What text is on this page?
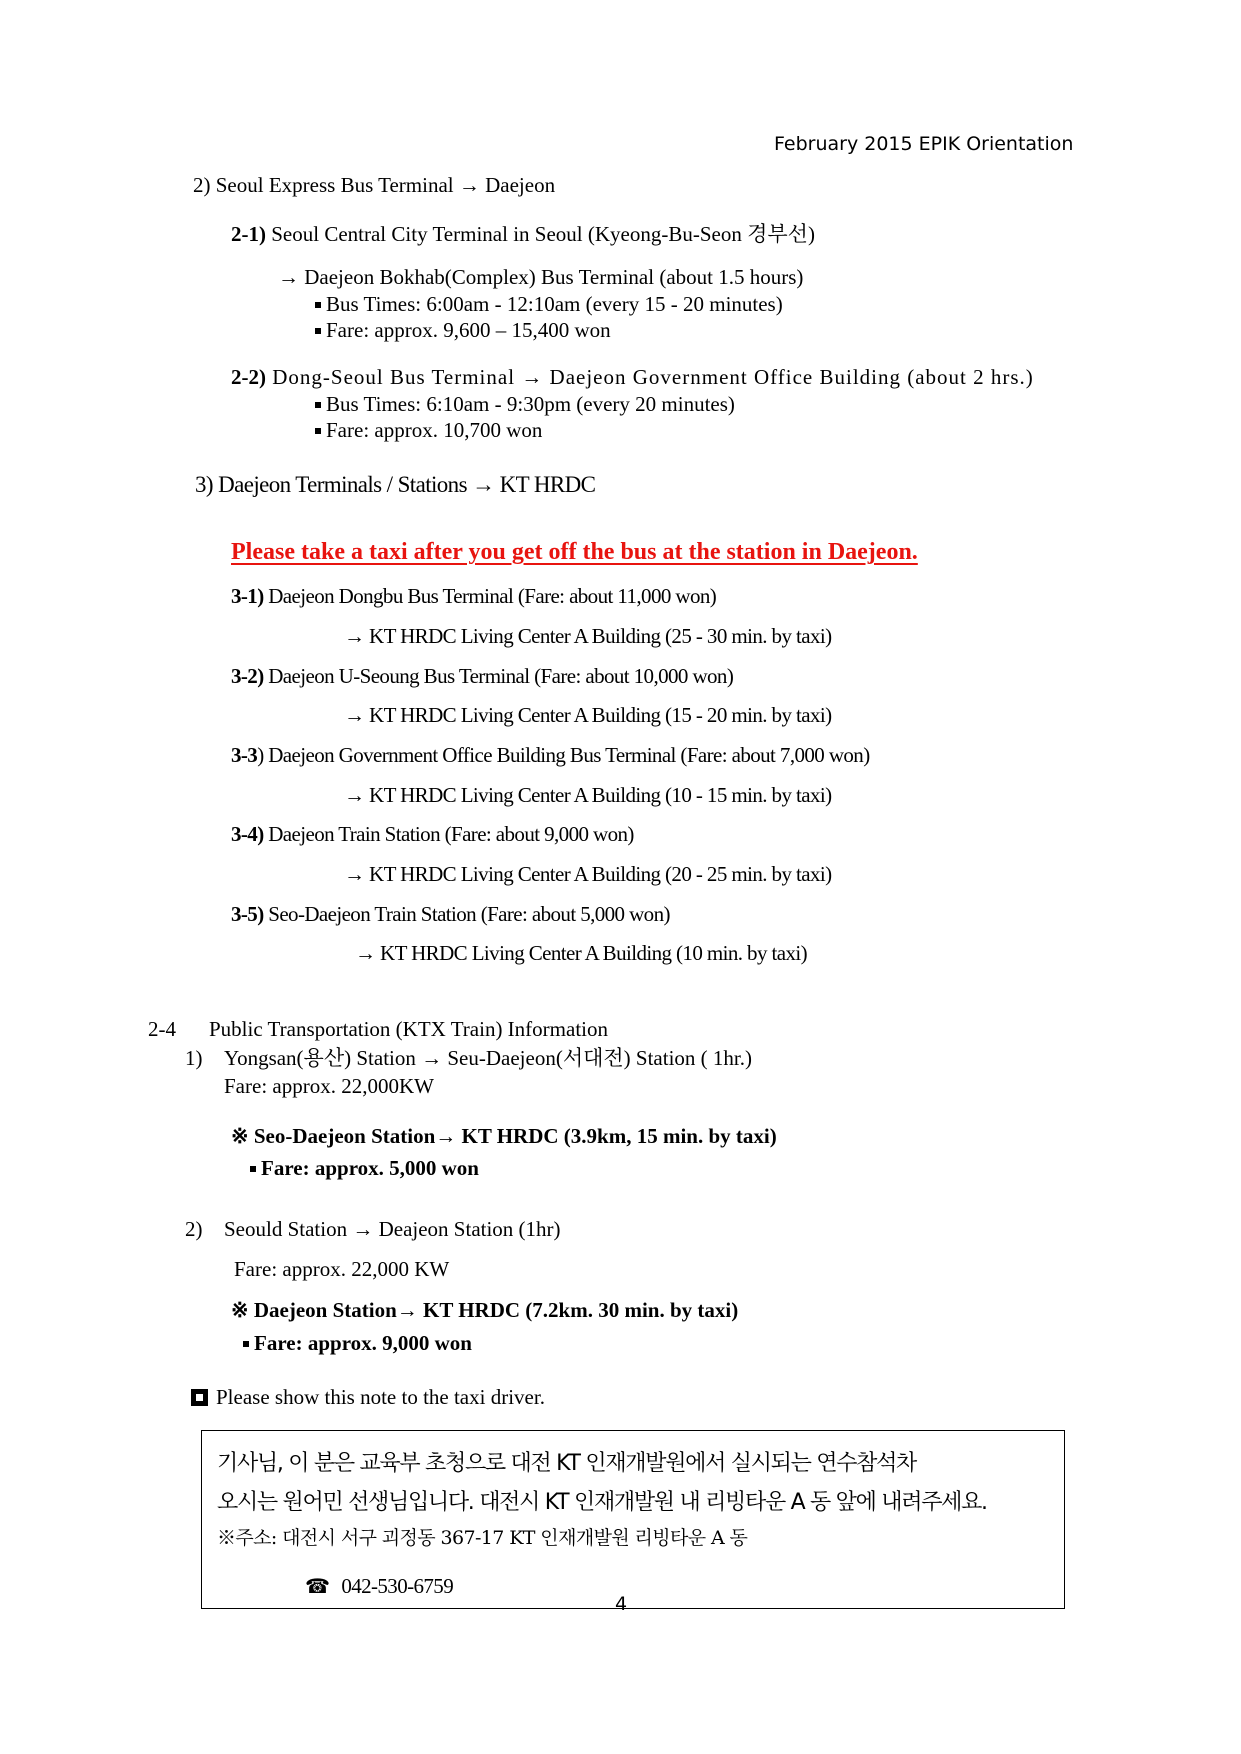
February 2015 EPIK Orientation
2) Seoul Express Bus Terminal → Daejeon
2-1) Seoul Central City Terminal in Seoul (Kyeong-Bu-Seon 경부선)
→ Daejeon Bokhab(Complex) Bus Terminal (about 1.5 hours)
Bus Times: 6:00am - 12:10am (every 15 - 20 minutes)
Fare: approx. 9,600 – 15,400 won
2-2) Dong-Seoul Bus Terminal → Daejeon Government Office Building (about 2 hrs.)
Bus Times: 6:10am - 9:30pm (every 20 minutes)
Fare: approx. 10,700 won
3) Daejeon Terminals / Stations → KT HRDC
Please take a taxi after you get off the bus at the station in Daejeon.
3-1) Daejeon Dongbu Bus Terminal (Fare: about 11,000 won)
→ KT HRDC Living Center A Building (25 - 30 min. by taxi)
3-2) Daejeon U-Seoung Bus Terminal (Fare: about 10,000 won)
→ KT HRDC Living Center A Building (15 - 20 min. by taxi)
3-3) Daejeon Government Office Building Bus Terminal (Fare: about 7,000 won)
→ KT HRDC Living Center A Building (10 - 15 min. by taxi)
3-4) Daejeon Train Station (Fare: about 9,000 won)
→ KT HRDC Living Center A Building (20 - 25 min. by taxi)
3-5) Seo-Daejeon Train Station (Fare: about 5,000 won)
→ KT HRDC Living Center A Building (10 min. by taxi)
2-4 Public Transportation (KTX Train) Information
1) Yongsan(용산) Station → Seu-Daejeon(서대전) Station ( 1hr.)
Fare: approx. 22,000KW
※ Seo-Daejeon Station→ KT HRDC (3.9km, 15 min. by taxi)
Fare: approx. 5,000 won
2) Seould Station → Deajeon Station (1hr)
Fare: approx. 22,000 KW
※ Daejeon Station→ KT HRDC (7.2km. 30 min. by taxi)
Fare: approx. 9,000 won
Please show this note to the taxi driver.
기사님, 이 분은 교육부 초청으로 대전 KT 인재개발원에서 실시되는 연수참석차
오시는 원어민 선생님입니다. 대전시 KT 인재개발원 내 리빙타운 A 동 앞에 내려주세요.
※주소: 대전시 서구 괴정동 367-17 KT 인재개발원 리빙타운 A 동
☎ 042-530-6759
4
